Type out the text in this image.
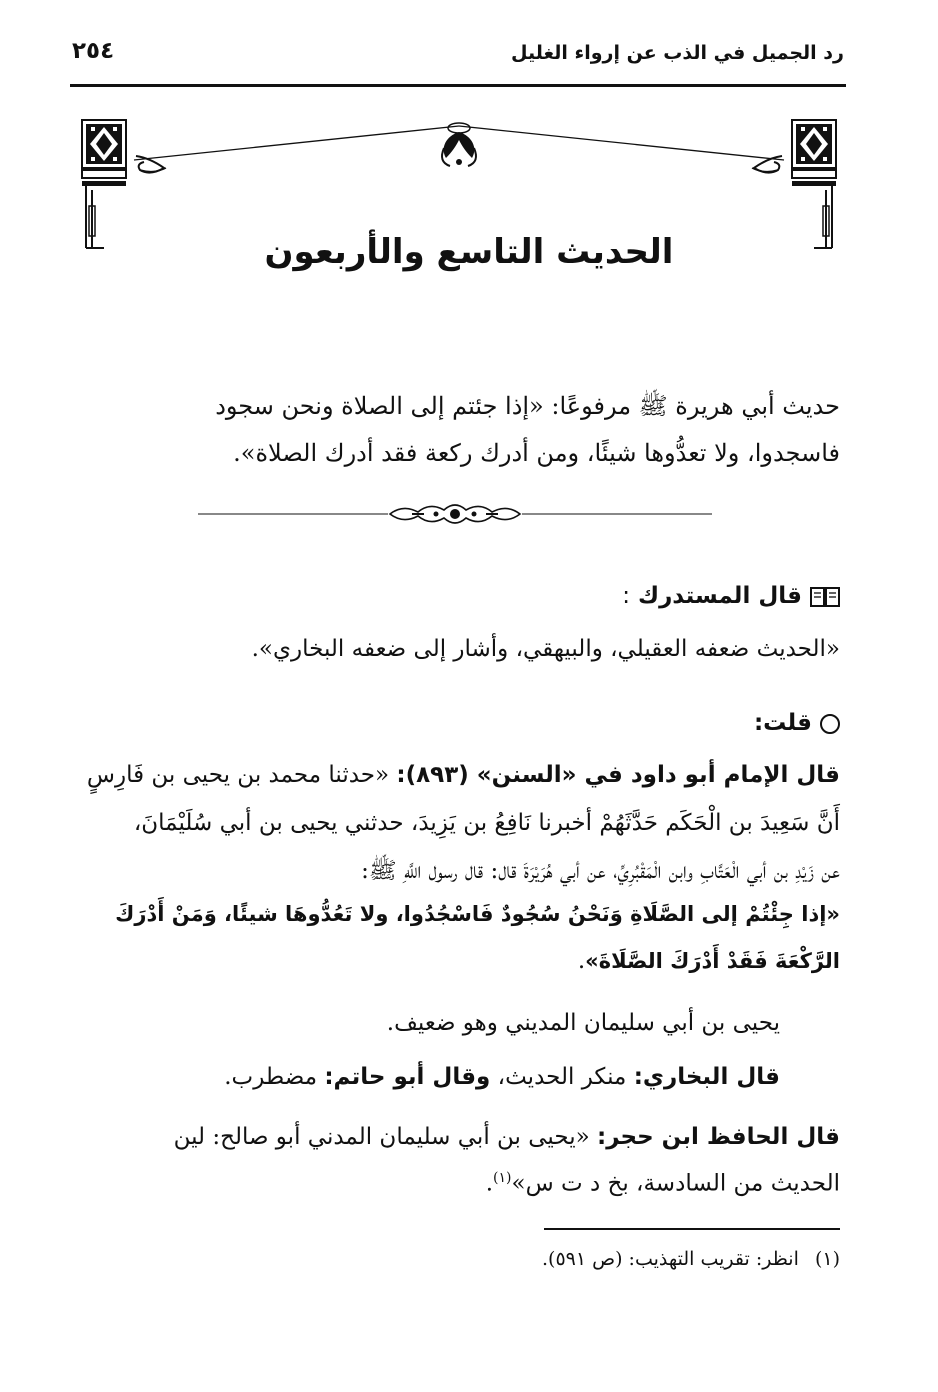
٢٥٤	رد الجميل في الذب عن إرواء الغليل
الحديث التاسع والأربعون
حديث أبي هريرة ﷺ مرفوعًا: «إذا جئتم إلى الصلاة ونحن سجود
فاسجدوا، ولا تعدُّوها شيئًا، ومن أدرك ركعة فقد أدرك الصلاة».
قال المستدرك :
«الحديث ضعفه العقيلي، والبيهقي، وأشار إلى ضعفه البخاري».
قلت:
قال الإمام أبو داود في «السنن» (٨٩٣): «حدثنا محمد بن يحيى بن فَارِسٍ
أَنَّ سَعِيدَ بن الْحَكَم حَدَّثَهُمْ أخبرنا نَافِعُ بن يَزِيدَ، حدثني يحيى بن أبي سُلَيْمَانَ،
عن زَيْدِ بن أبي الْعَتَّابِ وابن الْمَقْبُرِيِّ، عن أبي هُرَيْرَةَ قال: قال رسول اللَّهِ ﷺ:
«إذا جِئْتُمْ إلى الصَّلَاةِ وَنَحْنُ سُجُودٌ فَاسْجُدُوا، ولا تَعُدُّوهَا شيئًا، وَمَنْ أَدْرَكَ
الرَّكْعَةَ فَقَدْ أَدْرَكَ الصَّلَاةَ».
يحيى بن أبي سليمان المديني وهو ضعيف.
قال البخاري: منكر الحديث، وقال أبو حاتم: مضطرب.
قال الحافظ ابن حجر: «يحيى بن أبي سليمان المدني أبو صالح: لين
الحديث من السادسة، بخ د ت س»$^{(١)}$.
(١) انظر: تقريب التهذيب: (ص ٥٩١).
